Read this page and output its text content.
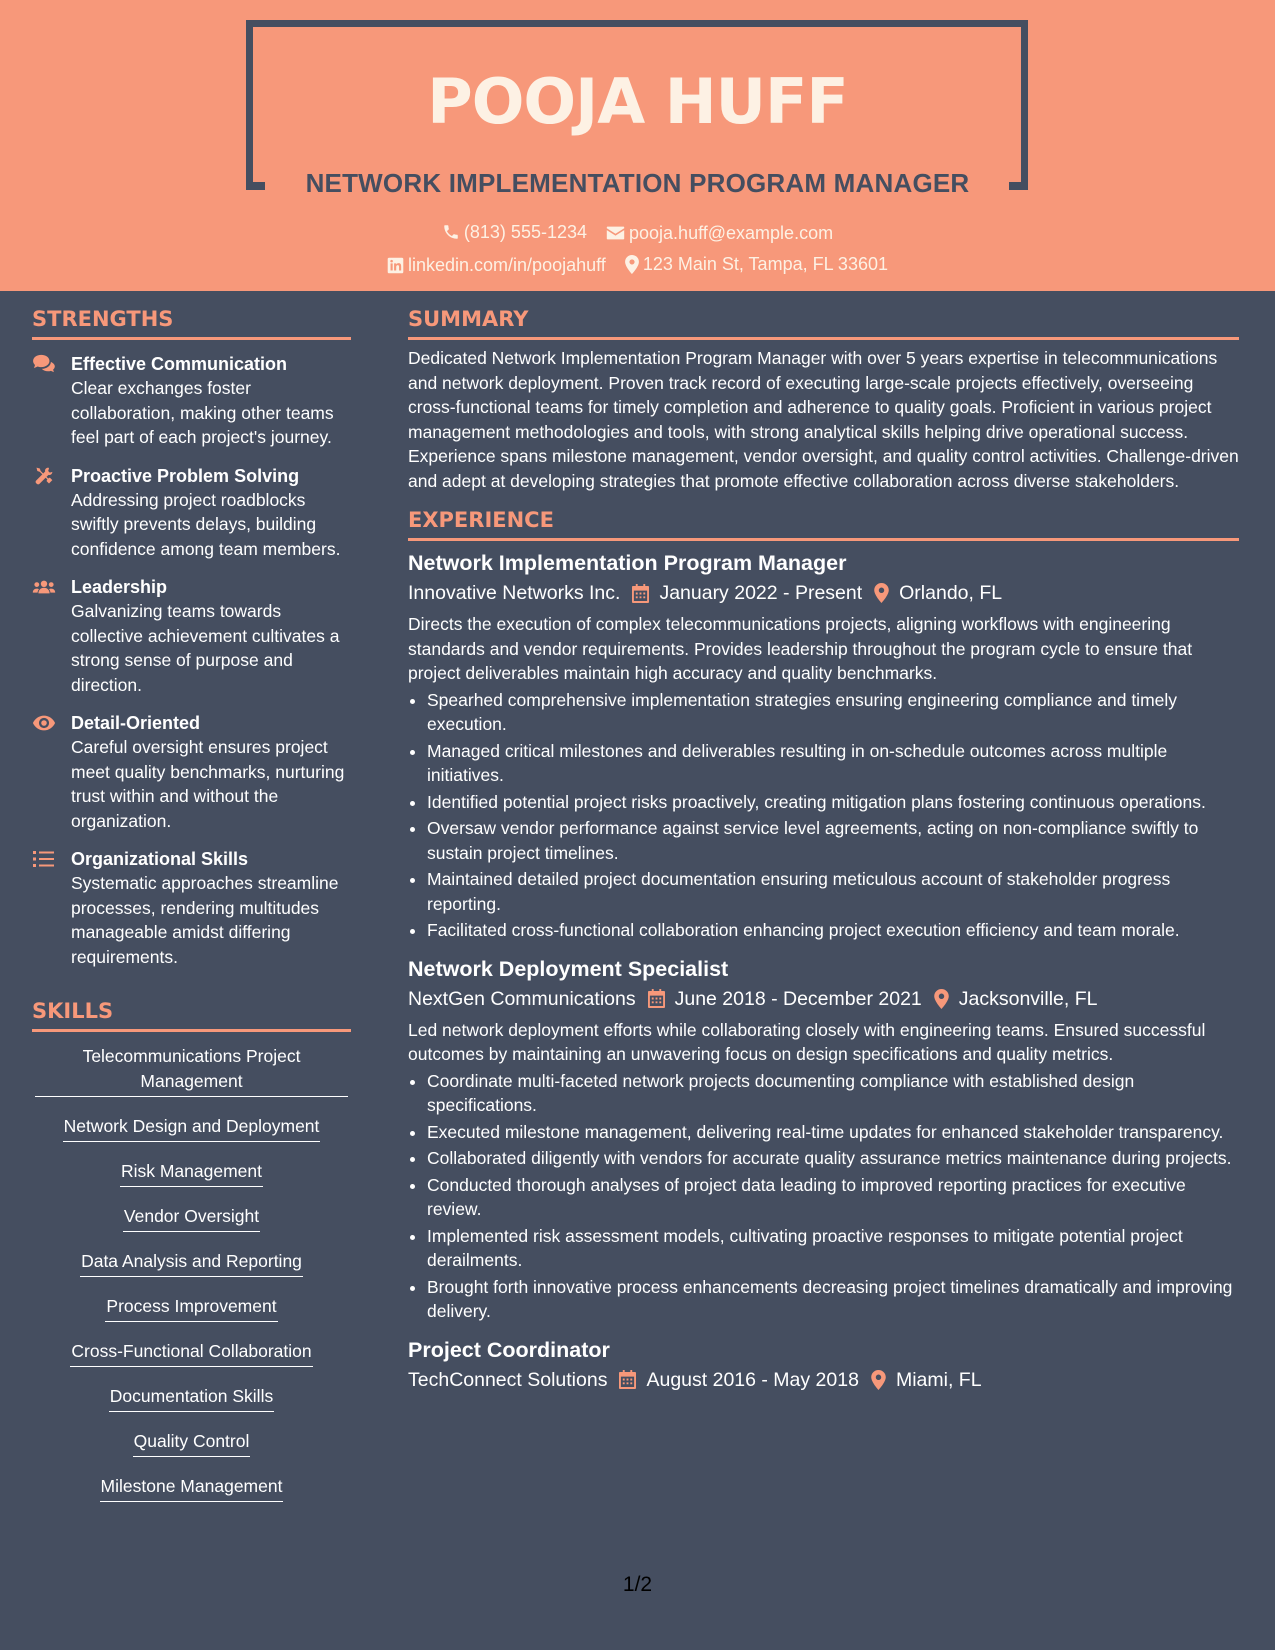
POOJA HUFF
NETWORK IMPLEMENTATION PROGRAM MANAGER
(813) 555-1234
pooja.huff@example.com
linkedin.com/in/poojahuff
123 Main St, Tampa, FL 33601
STRENGTHS
Effective Communication
Clear exchanges foster collaboration, making other teams feel part of each project's journey.
Proactive Problem Solving
Addressing project roadblocks swiftly prevents delays, building confidence among team members.
Leadership
Galvanizing teams towards collective achievement cultivates a strong sense of purpose and direction.
Detail-Oriented
Careful oversight ensures project meet quality benchmarks, nurturing trust within and without the organization.
Organizational Skills
Systematic approaches streamline processes, rendering multitudes manageable amidst differing requirements.
SKILLS
Telecommunications Project Management
Network Design and Deployment
Risk Management
Vendor Oversight
Data Analysis and Reporting
Process Improvement
Cross-Functional Collaboration
Documentation Skills
Quality Control
Milestone Management
SUMMARY
Dedicated Network Implementation Program Manager with over 5 years expertise in telecommunications and network deployment. Proven track record of executing large-scale projects effectively, overseeing cross-functional teams for timely completion and adherence to quality goals. Proficient in various project management methodologies and tools, with strong analytical skills helping drive operational success. Experience spans milestone management, vendor oversight, and quality control activities. Challenge-driven and adept at developing strategies that promote effective collaboration across diverse stakeholders.
EXPERIENCE
Network Implementation Program Manager
Innovative Networks Inc. January 2022 - Present Orlando, FL
Directs the execution of complex telecommunications projects, aligning workflows with engineering standards and vendor requirements. Provides leadership throughout the program cycle to ensure that project deliverables maintain high accuracy and quality benchmarks.
• Spearhed comprehensive implementation strategies ensuring engineering compliance and timely execution.
• Managed critical milestones and deliverables resulting in on-schedule outcomes across multiple initiatives.
• Identified potential project risks proactively, creating mitigation plans fostering continuous operations.
• Oversaw vendor performance against service level agreements, acting on non-compliance swiftly to sustain project timelines.
• Maintained detailed project documentation ensuring meticulous account of stakeholder progress reporting.
• Facilitated cross-functional collaboration enhancing project execution efficiency and team morale.
Network Deployment Specialist
NextGen Communications June 2018 - December 2021 Jacksonville, FL
Led network deployment efforts while collaborating closely with engineering teams. Ensured successful outcomes by maintaining an unwavering focus on design specifications and quality metrics.
• Coordinate multi-faceted network projects documenting compliance with established design specifications.
• Executed milestone management, delivering real-time updates for enhanced stakeholder transparency.
• Collaborated diligently with vendors for accurate quality assurance metrics maintenance during projects.
• Conducted thorough analyses of project data leading to improved reporting practices for executive review.
• Implemented risk assessment models, cultivating proactive responses to mitigate potential project derailments.
• Brought forth innovative process enhancements decreasing project timelines dramatically and improving delivery.
Project Coordinator
TechConnect Solutions August 2016 - May 2018 Miami, FL
1/2
